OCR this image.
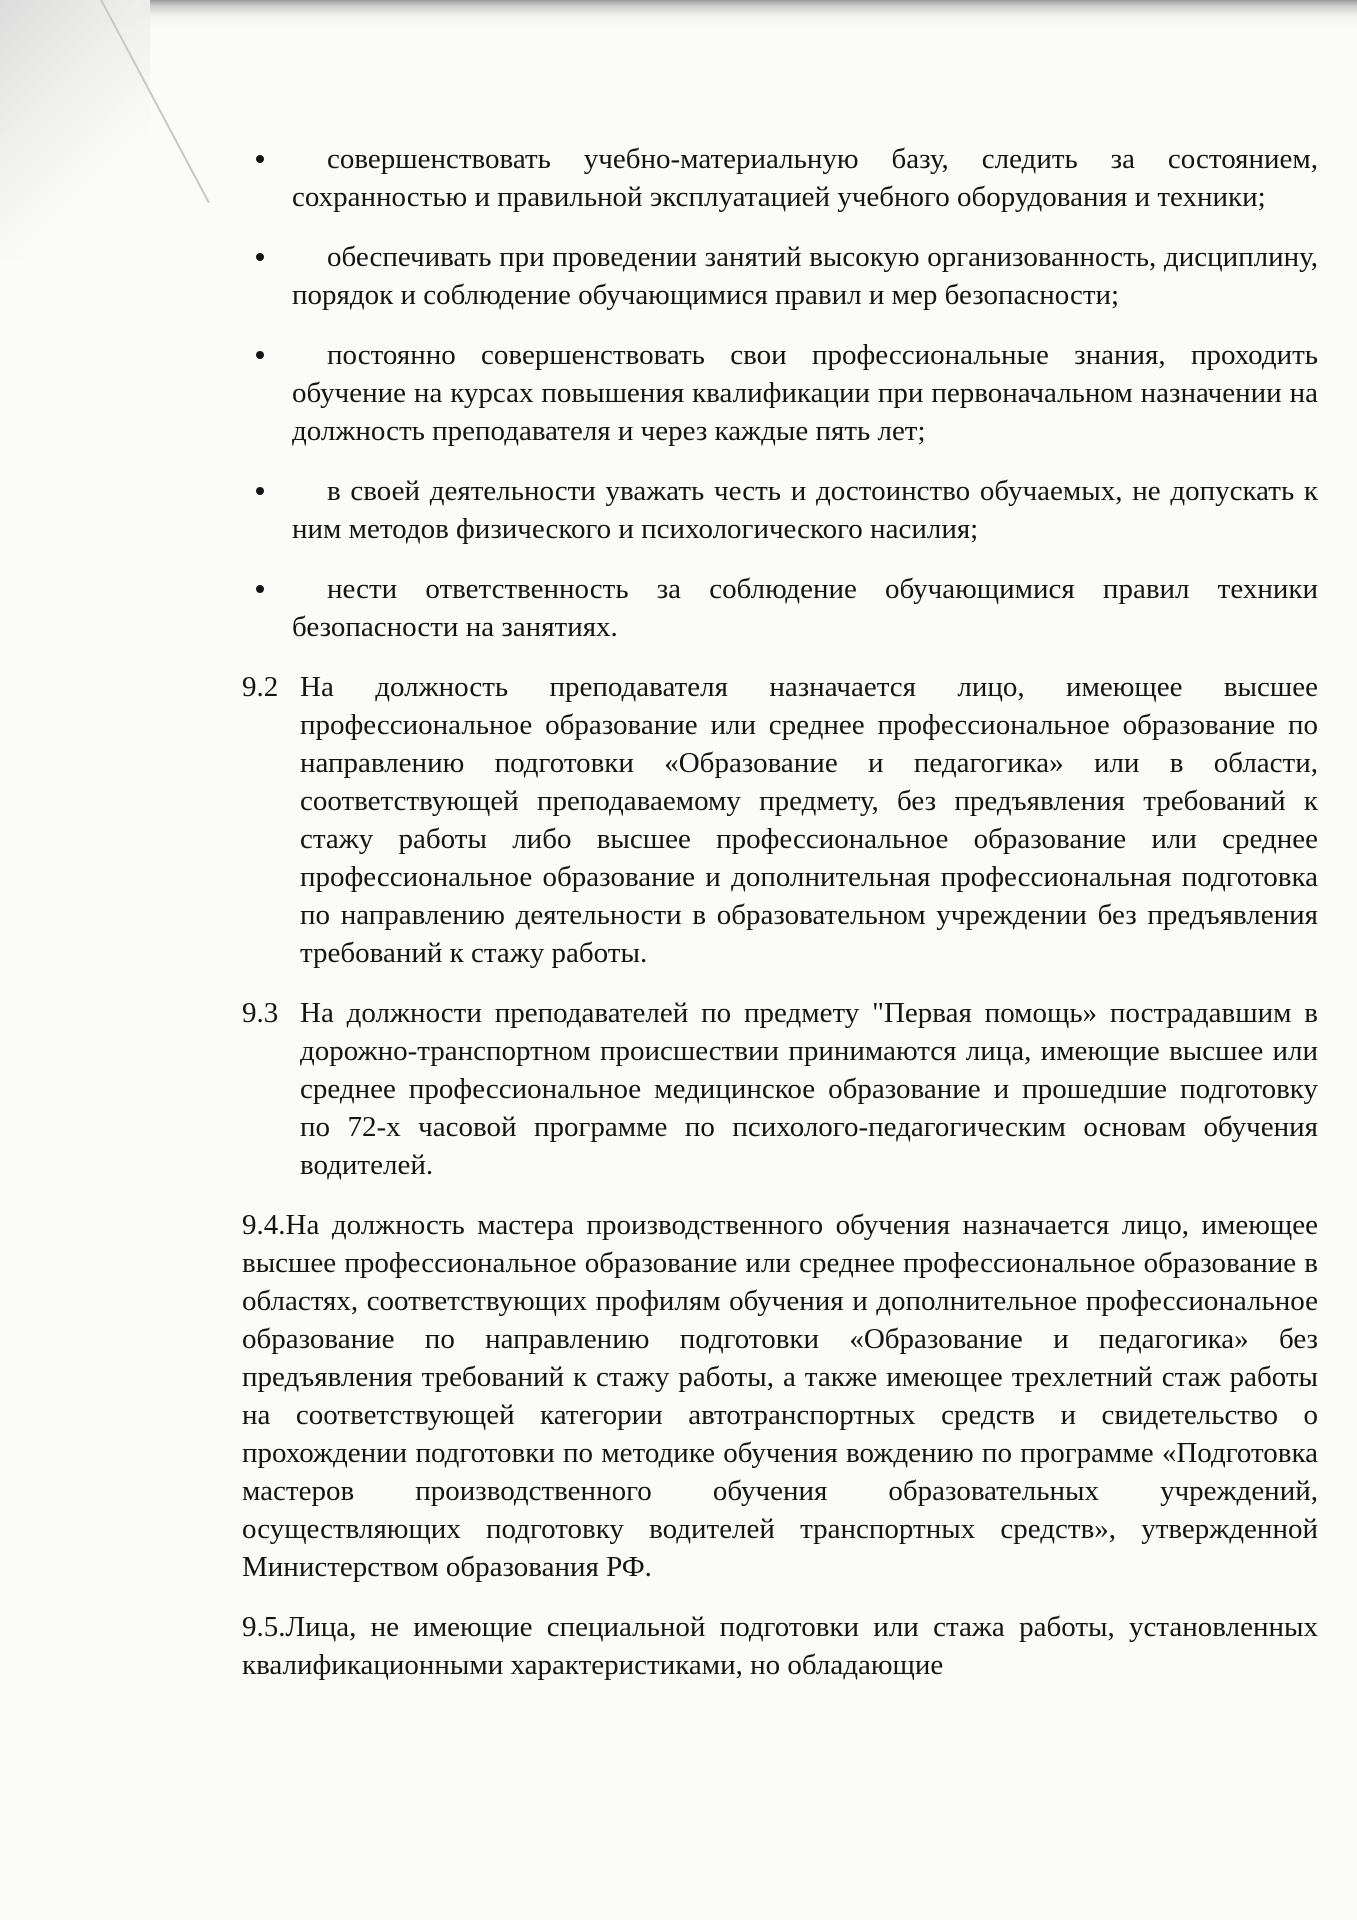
совершенствовать учебно-материальную базу, следить за состоянием, сохранностью и правильной эксплуатацией учебного оборудования и техники;
обеспечивать при проведении занятий высокую организованность, дисциплину, порядок и соблюдение обучающимися правил и мер безопасности;
постоянно совершенствовать свои профессиональные знания, проходить обучение на курсах повышения квалификации при первоначальном назначении на должность преподавателя и через каждые пять лет;
в своей деятельности уважать честь и достоинство обучаемых, не допускать к ним методов физического и психологического насилия;
нести ответственность за соблюдение обучающимися правил техники безопасности на занятиях.
9.2 На должность преподавателя назначается лицо, имеющее высшее профессиональное образование или среднее профессиональное образование по направлению подготовки «Образование и педагогика» или в области, соответствующей преподаваемому предмету, без предъявления требований к стажу работы либо высшее профессиональное образование или среднее профессиональное образование и дополнительная профессиональная подготовка по направлению деятельности в образовательном учреждении без предъявления требований к стажу работы.
9.3 На должности преподавателей по предмету "Первая помощь» пострадавшим в дорожно-транспортном происшествии принимаются лица, имеющие высшее или среднее профессиональное медицинское образование и прошедшие подготовку по 72-х часовой программе по психолого-педагогическим основам обучения водителей.
9.4.На должность мастера производственного обучения назначается лицо, имеющее высшее профессиональное образование или среднее профессиональное образование в областях, соответствующих профилям обучения и дополнительное профессиональное образование по направлению подготовки «Образование и педагогика» без предъявления требований к стажу работы, а также имеющее трехлетний стаж работы на соответствующей категории автотранспортных средств и свидетельство о прохождении подготовки по методике обучения вождению по программе «Подготовка мастеров производственного обучения образовательных учреждений, осуществляющих подготовку водителей транспортных средств», утвержденной Министерством образования РФ.
9.5.Лица, не имеющие специальной подготовки или стажа работы, установленных квалификационными характеристиками, но обладающие
